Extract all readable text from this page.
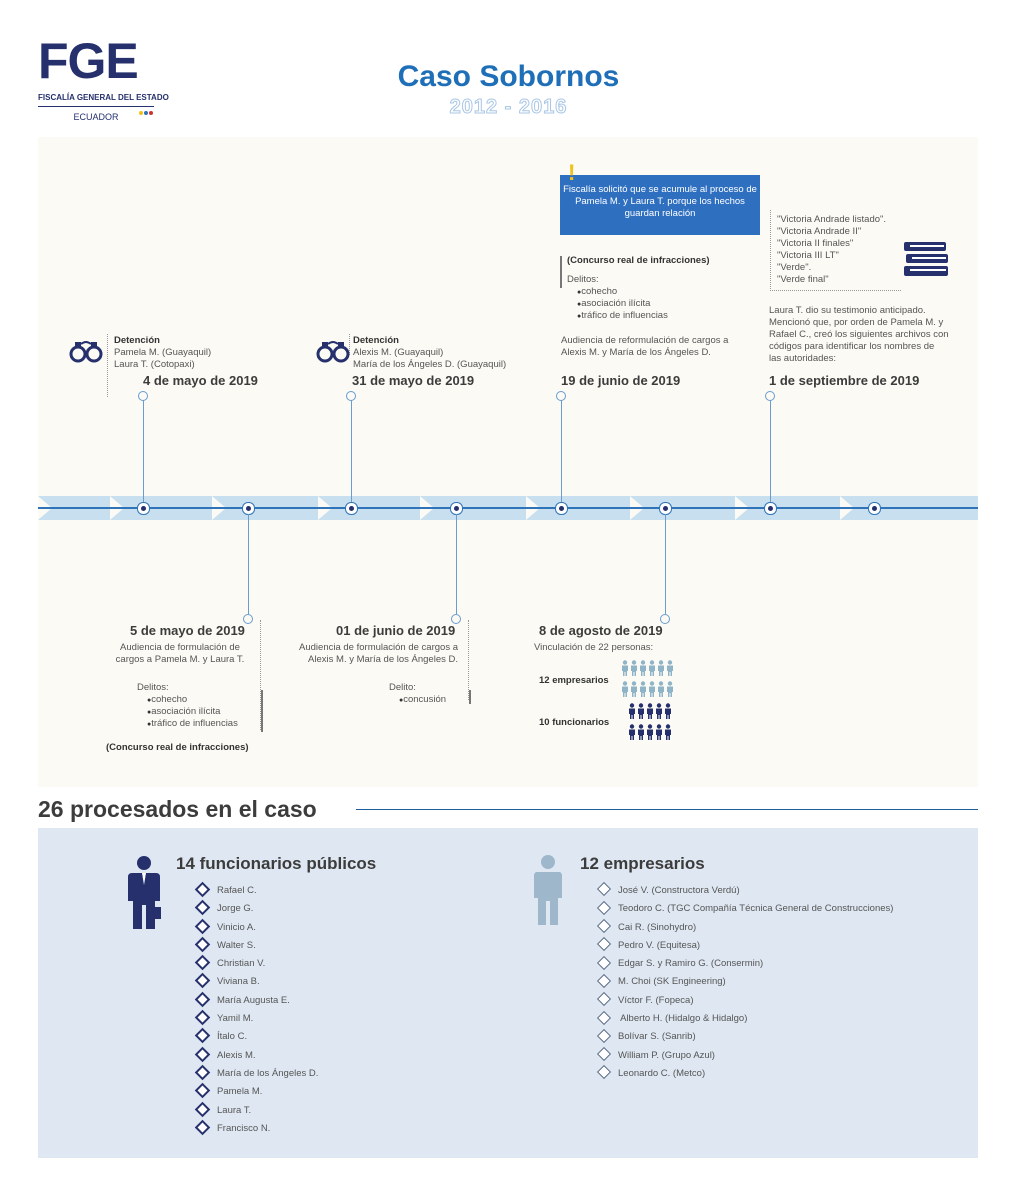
FGE
FISCALÍA GENERAL DEL ESTADO
ECUADOR
Caso Sobornos
2012 - 2016
Detención
Pamela M. (Guayaquil)
Laura T. (Cotopaxi)
4 de mayo de 2019
Detención
Alexis M. (Guayaquil)
María de los Ángeles D. (Guayaquil)
31 de mayo de 2019
Fiscalía solicitó que se acumule al proceso de Pamela M. y Laura T. porque los hechos guardan relación
!
(Concurso real de infracciones)
Delitos:
● cohecho
● asociación ilícita
● tráfico de influencias
Audiencia de reformulación de cargos a Alexis M. y María de los Ángeles D.
19 de junio de 2019
"Victoria Andrade listado".
"Victoria Andrade II"
"Victoria II finales"
"Victoria III LT"
"Verde".
"Verde final"
Laura T. dio su testimonio anticipado. Mencionó que, por orden de Pamela M. y Rafael C., creó los siguientes archivos con códigos para identificar los nombres de las autoridades:
1 de septiembre de 2019
5 de mayo de 2019
Audiencia de formulación de cargos a Pamela M. y Laura T.
Delitos:
● cohecho
● asociación ilícita
● tráfico de influencias
(Concurso real de infracciones)
01 de junio de 2019
Audiencia de formulación de cargos a Alexis M. y María de los Ángeles D.
Delito:
● concusión
8 de agosto de 2019
Vinculación de 22 personas:
12 empresarios

10 funcionarios

26 procesados en el caso
14 funcionarios públicos
Rafael C.
Jorge G.
Vinicio A.
Walter S.
Christian V.
Viviana B.
María Augusta E.
Yamil M.
Ítalo C.
Alexis M.
María de los Ángeles D.
Pamela M.
Laura T.
Francisco N.
12 empresarios
José V. (Constructora Verdú)
Teodoro C. (TGC Compañía Técnica General de Construcciones)
Cai R. (Sinohydro)
Pedro V. (Equitesa)
Edgar S. y Ramiro G. (Consermin)
M. Choi (SK Engineering)
Víctor F. (Fopeca)
Alberto H. (Hidalgo & Hidalgo)
Bolívar S. (Sanrib)
William P. (Grupo Azul)
Leonardo C. (Metco)
